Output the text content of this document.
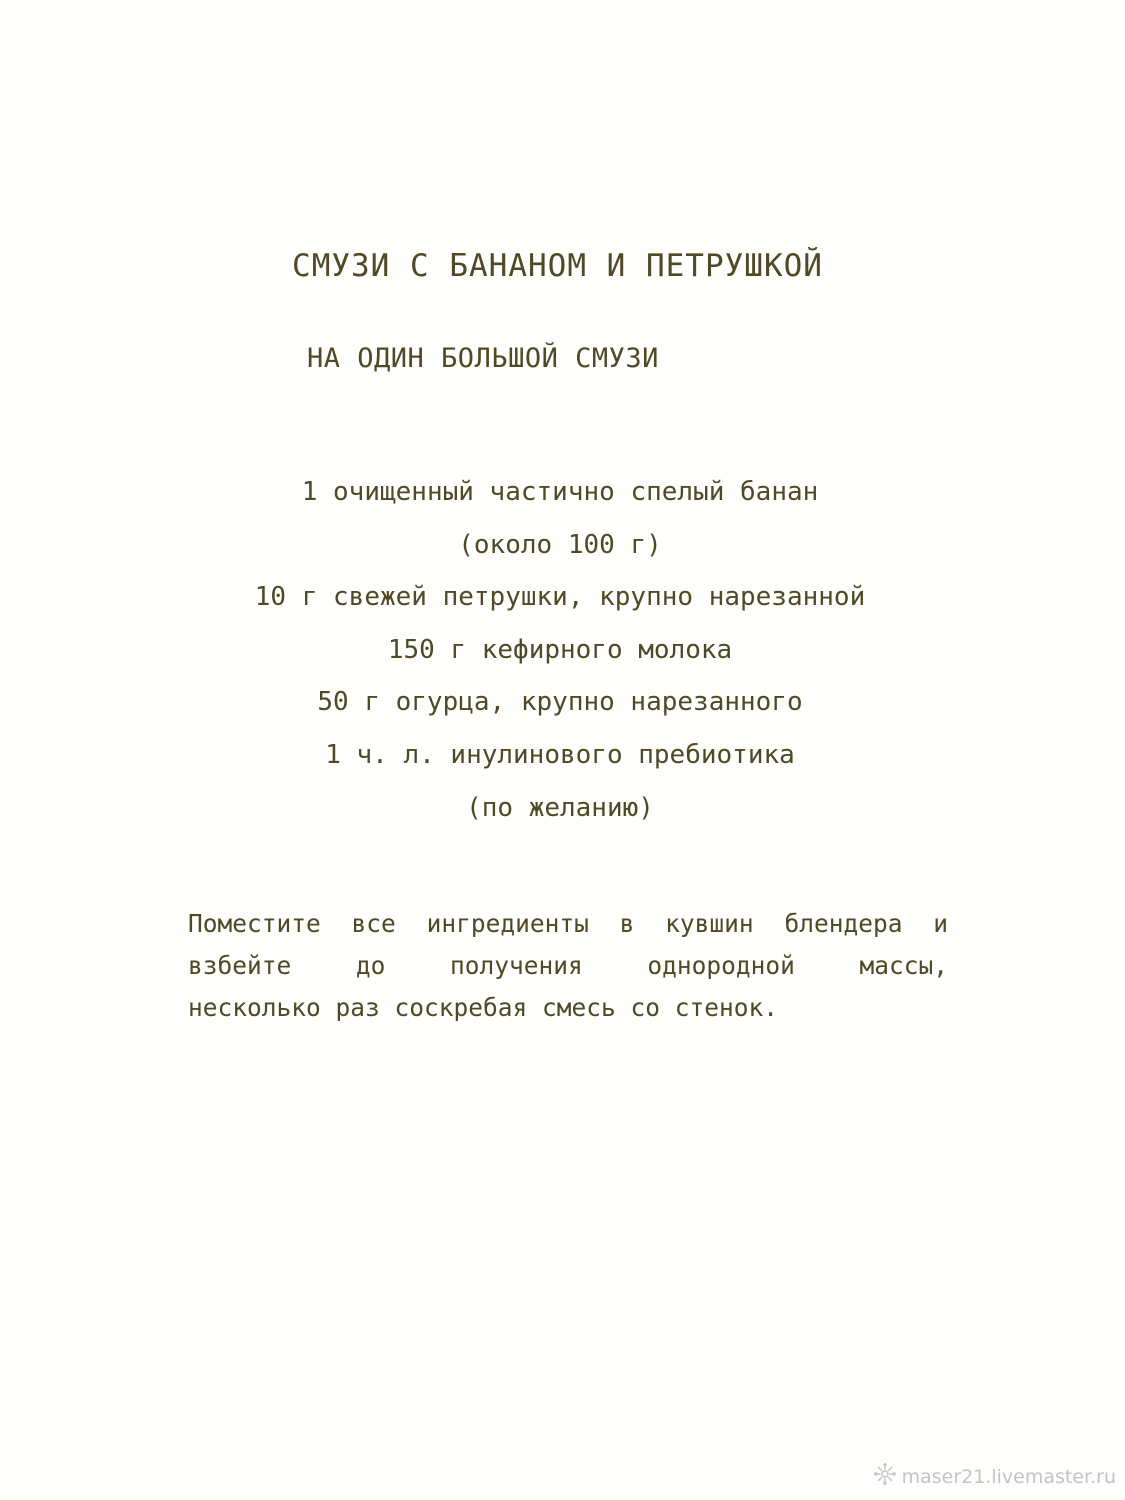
СМУЗИ С БАНАНОМ И ПЕТРУШКОЙ
НА ОДИН БОЛЬШОЙ СМУЗИ
1 очищенный частично спелый банан
(около 100 г)
10 г свежей петрушки, крупно нарезанной
150 г кефирного молока
50 г огурца, крупно нарезанного
1 ч. л. инулинового пребиотика
(по желанию)

Поместите все ингредиенты в кувшин блендера и
взбейте до получения однородной массы,
несколько раз соскребая смесь со стенок.

maser21.livemaster.ru
